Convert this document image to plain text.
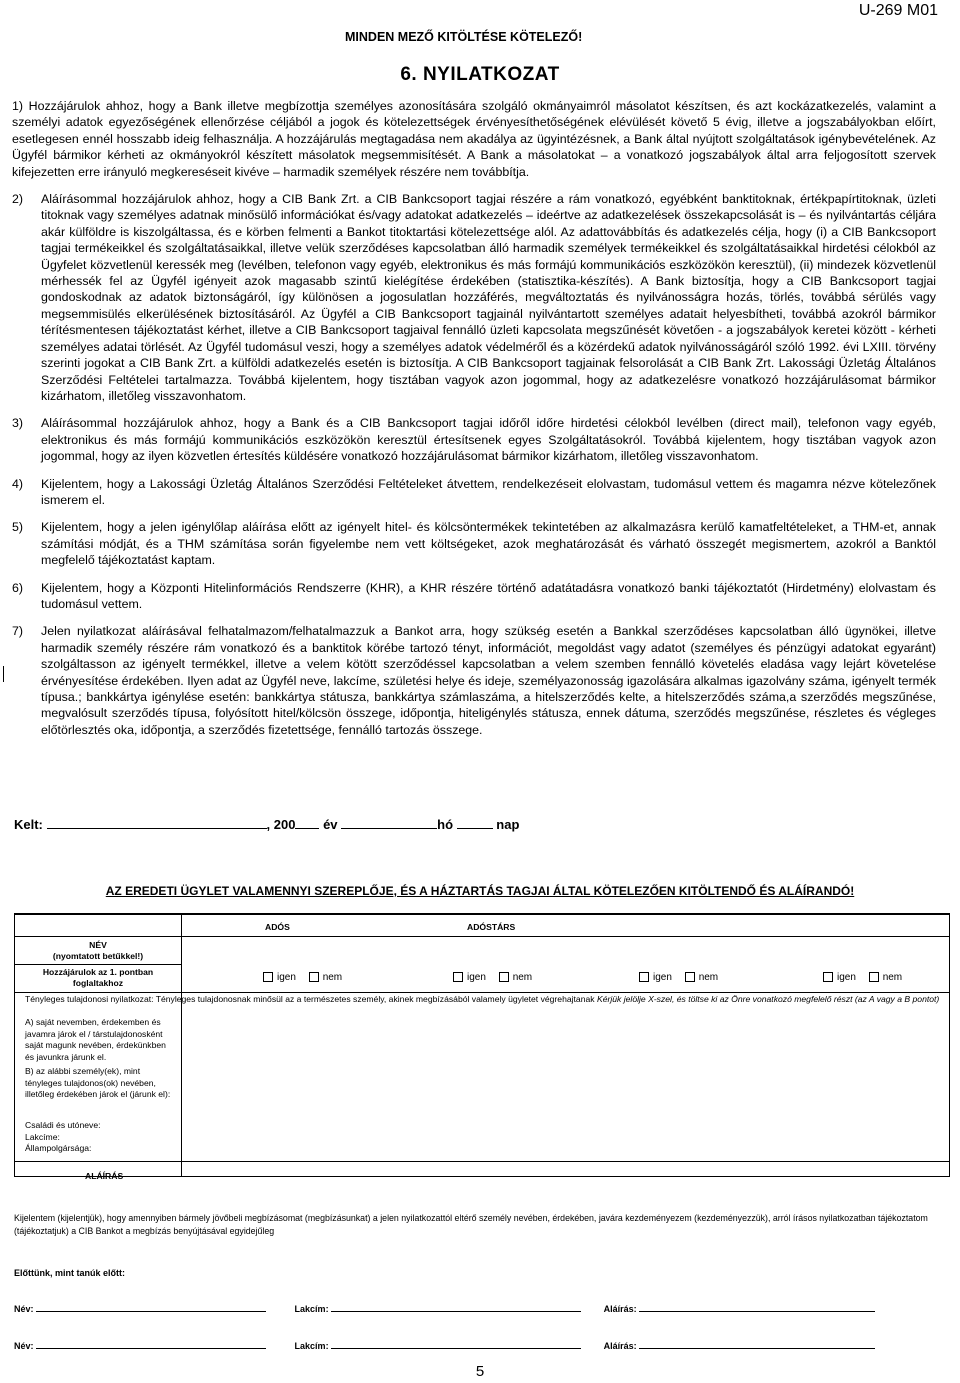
MINDEN MEZŐ KITÖLTÉSE KÖTELEZŐ!
U-269 M01
6. NYILATKOZAT
1) Hozzájárulok ahhoz, hogy a Bank illetve megbízottja személyes azonosítására szolgáló okmányaimról másolatot készítsen, és azt kockázatkezelés, valamint a személyi adatok egyezőségének ellenőrzése céljából a jogok és kötelezettségek érvényesíthetőségének elévülését követő 5 évig, illetve a jogszabályokban előírt, esetlegesen ennél hosszabb ideig felhasználja. A hozzájárulás megtagadása nem akadálya az ügyintézésnek, a Bank által nyújtott szolgáltatások igénybevételének. Az Ügyfél bármikor kérheti az okmányokról készített másolatok megsemmisítését. A Bank a másolatokat – a vonatkozó jogszabályok által arra feljogosított szervek kifejezetten erre irányuló megkereséseit kivéve – harmadik személyek részére nem továbbítja.
2)	Aláírásommal hozzájárulok ahhoz, hogy a CIB Bank Zrt. a CIB Bankcsoport tagjai részére a rám vonatkozó, egyébként banktitoknak, értékpapírtitoknak, üzleti titoknak vagy személyes adatnak minősülő információkat és/vagy adatokat adatkezelés – ideértve az adatkezelések összekapcsolását is – és nyilvántartás céljára akár külföldre is kiszolgáltassa, és e körben felmenti a Bankot titoktartási kötelezettsége alól. Az adattovábbítás és adatkezelés célja, hogy (i) a CIB Bankcsoport tagjai termékeikkel és szolgáltatásaikkal, illetve velük szerződéses kapcsolatban álló harmadik személyek termékeikkel és szolgáltatásaikkal hirdetési célokból az Ügyfelet közvetlenül keressék meg (levélben, telefonon vagy egyéb, elektronikus és más formájú kommunikációs eszközökön keresztül), (ii) mindezek közvetlenül mérhessék fel az Ügyfél igényeit azok magasabb szintű kielégítése érdekében (statisztika-készítés). A Bank biztosítja, hogy a CIB Bankcsoport tagjai gondoskodnak az adatok biztonságáról, így különösen a jogosulatlan hozzáférés, megváltoztatás és nyilvánosságra hozás, törlés, továbbá sérülés vagy megsemmisülés elkerülésének biztosításáról. Az Ügyfél a CIB Bankcsoport tagjainál nyilvántartott személyes adatait helyesbítheti, továbbá azokról bármikor térítésmentesen tájékoztatást kérhet, illetve a CIB Bankcsoport tagjaival fennálló üzleti kapcsolata megszűnését követően - a jogszabályok keretei között - kérheti személyes adatai törlését. Az Ügyfél tudomásul veszi, hogy a személyes adatok védelméről és a közérdekű adatok nyilvánosságáról szóló 1992. évi LXIII. törvény szerinti jogokat a CIB Bank Zrt. a külföldi adatkezelés esetén is biztosítja. A CIB Bankcsoport tagjainak felsorolását a CIB Bank Zrt. Lakossági Üzletág Általános Szerződési Feltételei tartalmazza. Továbbá kijelentem, hogy tisztában vagyok azon jogommal, hogy az adatkezelésre vonatkozó hozzájárulásomat bármikor kizárhatom, illetőleg visszavonhatom.
3)	Aláírásommal hozzájárulok ahhoz, hogy a Bank és a CIB Bankcsoport tagjai időről időre hirdetési célokból levélben (direct mail), telefonon vagy egyéb, elektronikus és más formájú kommunikációs eszközökön keresztül értesítsenek egyes Szolgáltatásokról. Továbbá kijelentem, hogy tisztában vagyok azon jogommal, hogy az ilyen közvetlen értesítés küldésére vonatkozó hozzájárulásomat bármikor kizárhatom, illetőleg visszavonhatom.
4)	Kijelentem, hogy a Lakossági Üzletág Általános Szerződési Feltételeket átvettem, rendelkezéseit elolvastam, tudomásul vettem és magamra nézve kötelezőnek ismerem el.
5)	Kijelentem, hogy a jelen igénylőlap aláírása előtt az igényelt hitel- és kölcsöntermékek tekintetében az alkalmazásra kerülő kamatfeltételeket, a THM-et, annak számítási módját, és a THM számítása során figyelembe nem vett költségeket, azok meghatározását és várható összegét megismertem, azokról a Banktól megfelelő tájékoztatást kaptam.
6)	Kijelentem, hogy a Központi Hitelinformációs Rendszerre (KHR), a KHR részére történő adatátadásra vonatkozó banki tájékoztatót (Hirdetmény) elolvastam és tudomásul vettem.
7)	Jelen nyilatkozat aláírásával felhatalmazom/felhatalmazzuk a Bankot arra, hogy szükség esetén a Bankkal szerződéses kapcsolatban álló ügynökei, illetve harmadik személy részére rám vonatkozó és a banktitok körébe tartozó tényt, információt, megoldást vagy adatot (személyes és pénzügyi adatokat egyaránt) szolgáltasson az igényelt termékkel, illetve a velem kötött szerződéssel kapcsolatban a velem szemben fennálló követelés eladása vagy lejárt követelése érvényesítése érdekében. Ilyen adat az Ügyfél neve, lakcíme, születési helye és ideje, személyazonosság igazolására alkalmas igazolvány száma, igényelt termék típusa.; bankkártya igénylése esetén: bankkártya státusza, bankkártya számlaszáma, a hitelszerződés kelte, a hitelszerződés száma,a szerződés megszűnése, megvalósult szerződés típusa, folyósított hitel/kölcsön összege, időpontja, hiteligénylés státusza, ennek dátuma, szerződés megszűnése, részletes és végleges előtörlesztés oka, időpontja, a szerződés fizetettsége, fennálló tartozás összege.
Kelt:	, 200 év	hó	nap
AZ EREDETI ÜGYLET VALAMENNYI SZEREPLŐJE, ÉS A HÁZTARTÁS TAGJAI ÁLTAL KÖTELEZŐEN KITÖLTENDŐ ÉS ALÁÍRANDÓ!
ADÓS	ADÓSTÁRS
NÉV
(nyomtatott betűkkel!)
Hozzájárulok az 1. pontban foglaltakhoz	igen	nem	igen	nem	igen	nem	igen	nem
Tényleges tulajdonosi nyilatkozat: Tényleges tulajdonosnak minősül az a természetes személy, akinek megbízásából valamely ügyletet végrehajtanak Kérjük jelölje X-szel, és töltse ki az Önre vonatkozó megfelelő részt (az A vagy a B pontot)
A) saját nevemben, érdekemben és javamra járok el / társtulajdonosként saját magunk nevében, érdekünkben és javunkra járunk el.
B) az alábbi személy(ek), mint tényleges tulajdonos(ok) nevében, illetőleg érdekében járok el (járunk el):
Családi és utóneve:
Lakcíme:
Állampolgársága:
ALÁÍRÁS
Kijelentem (kijelentjük), hogy amennyiben bármely jövőbeli megbízásomat (megbízásunkat) a jelen nyilatkozattól eltérő személy nevében, érdekében, javára kezdeményezem (kezdeményezzük), arról írásos nyilatkozatban tájékoztatom (tájékoztatjuk) a CIB Bankot a megbízás benyújtásával egyidejűleg
Előttünk, mint tanúk előtt:
Név:	Lakcím:	Aláírás:
Név:	Lakcím:	Aláírás:
5
